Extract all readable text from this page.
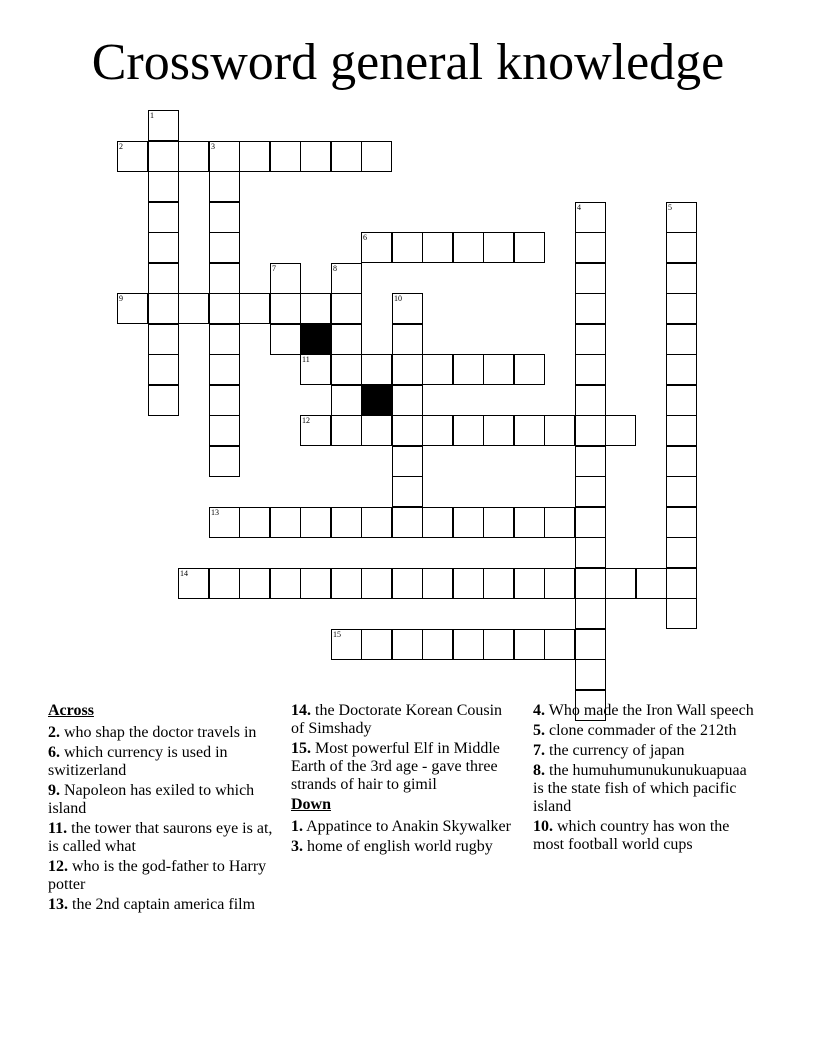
Crossword general knowledge
1
2	3
4	5
6
7	8
9	10
11
12
13
14
15
Across
2. who shap the doctor travels in
6. which currency is used in switizerland
9. Napoleon has exiled to which island
11. the tower that saurons eye is at, is called what
12. who is the god-father to Harry potter
13. the 2nd captain america film
14. the Doctorate Korean Cousin of Simshady
15. Most powerful Elf in Middle Earth of the 3rd age - gave three strands of hair to gimil
Down
1. Appatince to Anakin Skywalker
3. home of english world rugby
4. Who made the Iron Wall speech
5. clone commader of the 212th
7. the currency of japan
8. the humuhumunukunukuapuaa is the state fish of which pacific island
10. which country has won the most football world cups
